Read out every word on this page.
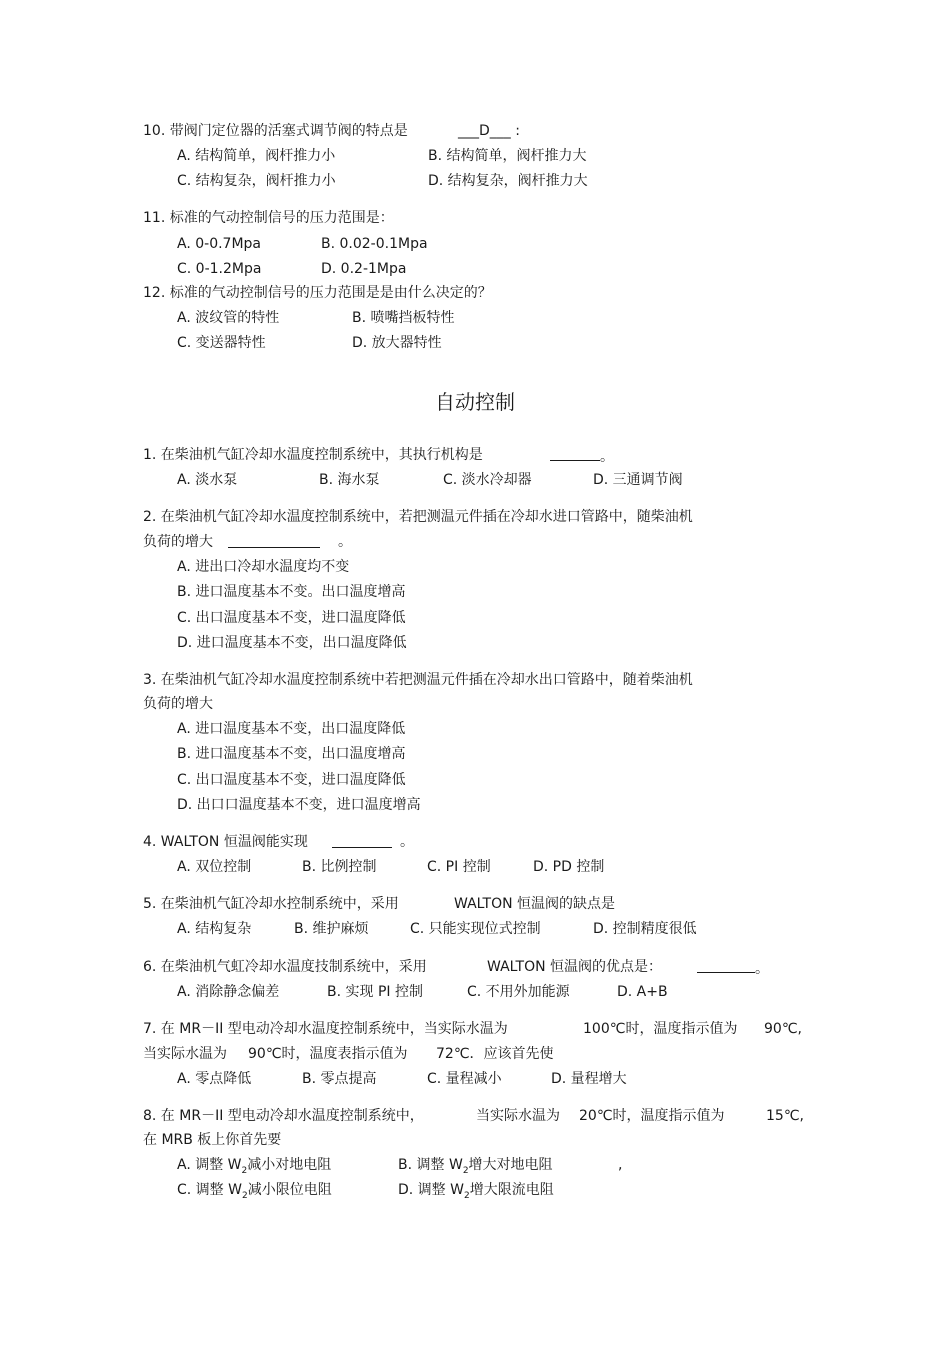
10. 带阀门定位器的活塞式调节阀的特点是	___D___ :
A. 结构简单，阀杆推力小	B. 结构简单，阀杆推力大
C. 结构复杂，阀杆推力小	D. 结构复杂，阀杆推力大
11. 标准的气动控制信号的压力范围是：
A. 0-0.7Mpa	B. 0.02-0.1Mpa
C. 0-1.2Mpa	D. 0.2-1Mpa
12. 标准的气动控制信号的压力范围是是由什么决定的？
A. 波纹管的特性	B. 喷嘴挡板特性
C. 变送器特性	D. 放大器特性
自动控制
1. 在柴油机气缸冷却水温度控制系统中，其执行机构是	。
A. 淡水泵	B. 海水泵	C. 淡水冷却器	D. 三通调节阀
2. 在柴油机气缸冷却水温度控制系统中，若把测温元件插在冷却水进口管路中，随柴油机
负荷的增大	。
A. 进出口冷却水温度均不变
B. 进口温度基本不变。出口温度增高
C. 出口温度基本不变，进口温度降低
D. 进口温度基本不变，出口温度降低
3. 在柴油机气缸冷却水温度控制系统中若把测温元件插在冷却水出口管路中，随着柴油机
负荷的增大
A. 进口温度基本不变，出口温度降低
B. 进口温度基本不变，出口温度增高
C. 出口温度基本不变，进口温度降低
D. 出口口温度基本不变，进口温度增高
4. WALTON 恒温阀能实现	。
A. 双位控制	B. 比例控制	C. PI 控制	D. PD 控制
5. 在柴油机气缸冷却水控制系统中，采用	WALTON 恒温阀的缺点是
A. 结构复杂	B. 维护麻烦	C. 只能实现位式控制	D. 控制精度很低
6. 在柴油机气虹冷却水温度技制系统中，采用	WALTON 恒温阀的优点是：	。
A. 消除静念偏差	B. 实现 PI 控制	C. 不用外加能源	D. A+B
7. 在 MR－II 型电动冷却水温度控制系统中，当实际水温为	100℃时，温度指示值为 90℃,
当实际水温为 90℃时，温度表指示值为 72℃．应该首先使
A. 零点降低	B. 零点提高	C. 量程减小	D. 量程增大
8. 在 MR－II 型电动冷却水温度控制系统中，	当实际水温为 20℃时，温度指示值为	15℃,
在 MRB 板上你首先要
A. 调整 $W_2$减小对地电阻	B. 调整 $W_2$增大对地电阻	,
C. 调整 $W_2$减小限位电阻	D. 调整 $W_2$增大限流电阻
